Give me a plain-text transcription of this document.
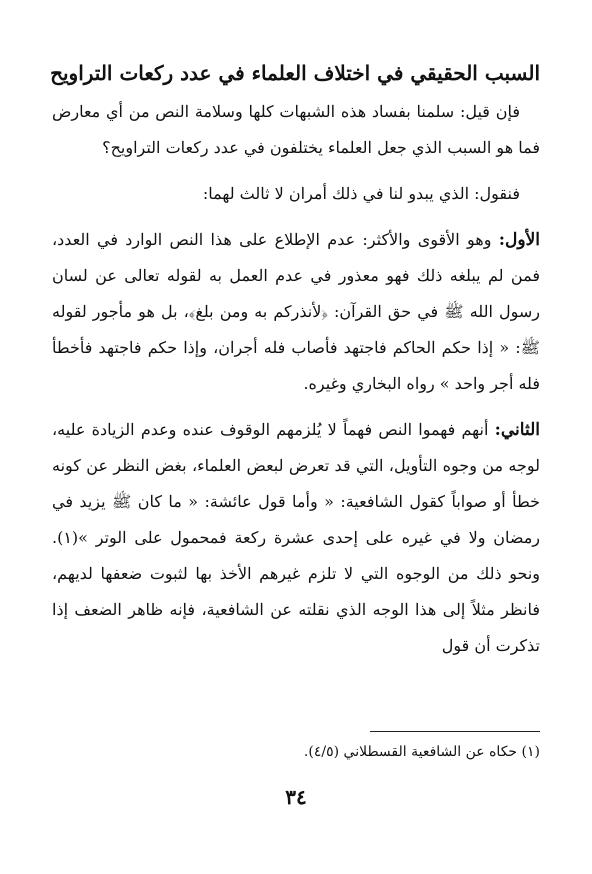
السبب الحقيقي في اختلاف العلماء في عدد ركعات التراويح

فإن قيل: سلمنا بفساد هذه الشبهات كلها وسلامة النص من أي معارض فما هو السبب الذي جعل العلماء يختلفون في عدد ركعات التراويح؟

فنقول: الذي يبدو لنا في ذلك أمران لا ثالث لهما:

الأول: وهو الأقوى والأكثر: عدم الإطلاع على هذا النص الوارد في العدد، فمن لم يبلغه ذلك فهو معذور في عدم العمل به لقوله تعالى عن لسان رسول الله ﷺ في حق القرآن: ﴿لأنذركم به ومن بلغ﴾، بل هو مأجور لقوله ﷺ: « إذا حكم الحاكم فاجتهد فأصاب فله أجران، وإذا حكم فاجتهد فأخطأ فله أجر واحد » رواه البخاري وغيره.

الثاني: أنهم فهموا النص فهماً لا يُلزمهم الوقوف عنده وعدم الزيادة عليه، لوجه من وجوه التأويل، التي قد تعرض لبعض العلماء، بغض النظر عن كونه خطأ أو صواباً كقول الشافعية: « وأما قول عائشة: « ما كان ﷺ يزيد في رمضان ولا في غيره على إحدى عشرة ركعة فمحمول على الوتر »(١). ونحو ذلك من الوجوه التي لا تلزم غيرهم الأخذ بها لثبوت ضعفها لديهم، فانظر مثلاً إلى هذا الوجه الذي نقلته عن الشافعية، فإنه ظاهر الضعف إذا تذكرت أن قول

(١) حكاه عن الشافعية القسطلاني (٤/٥).
٣٤
